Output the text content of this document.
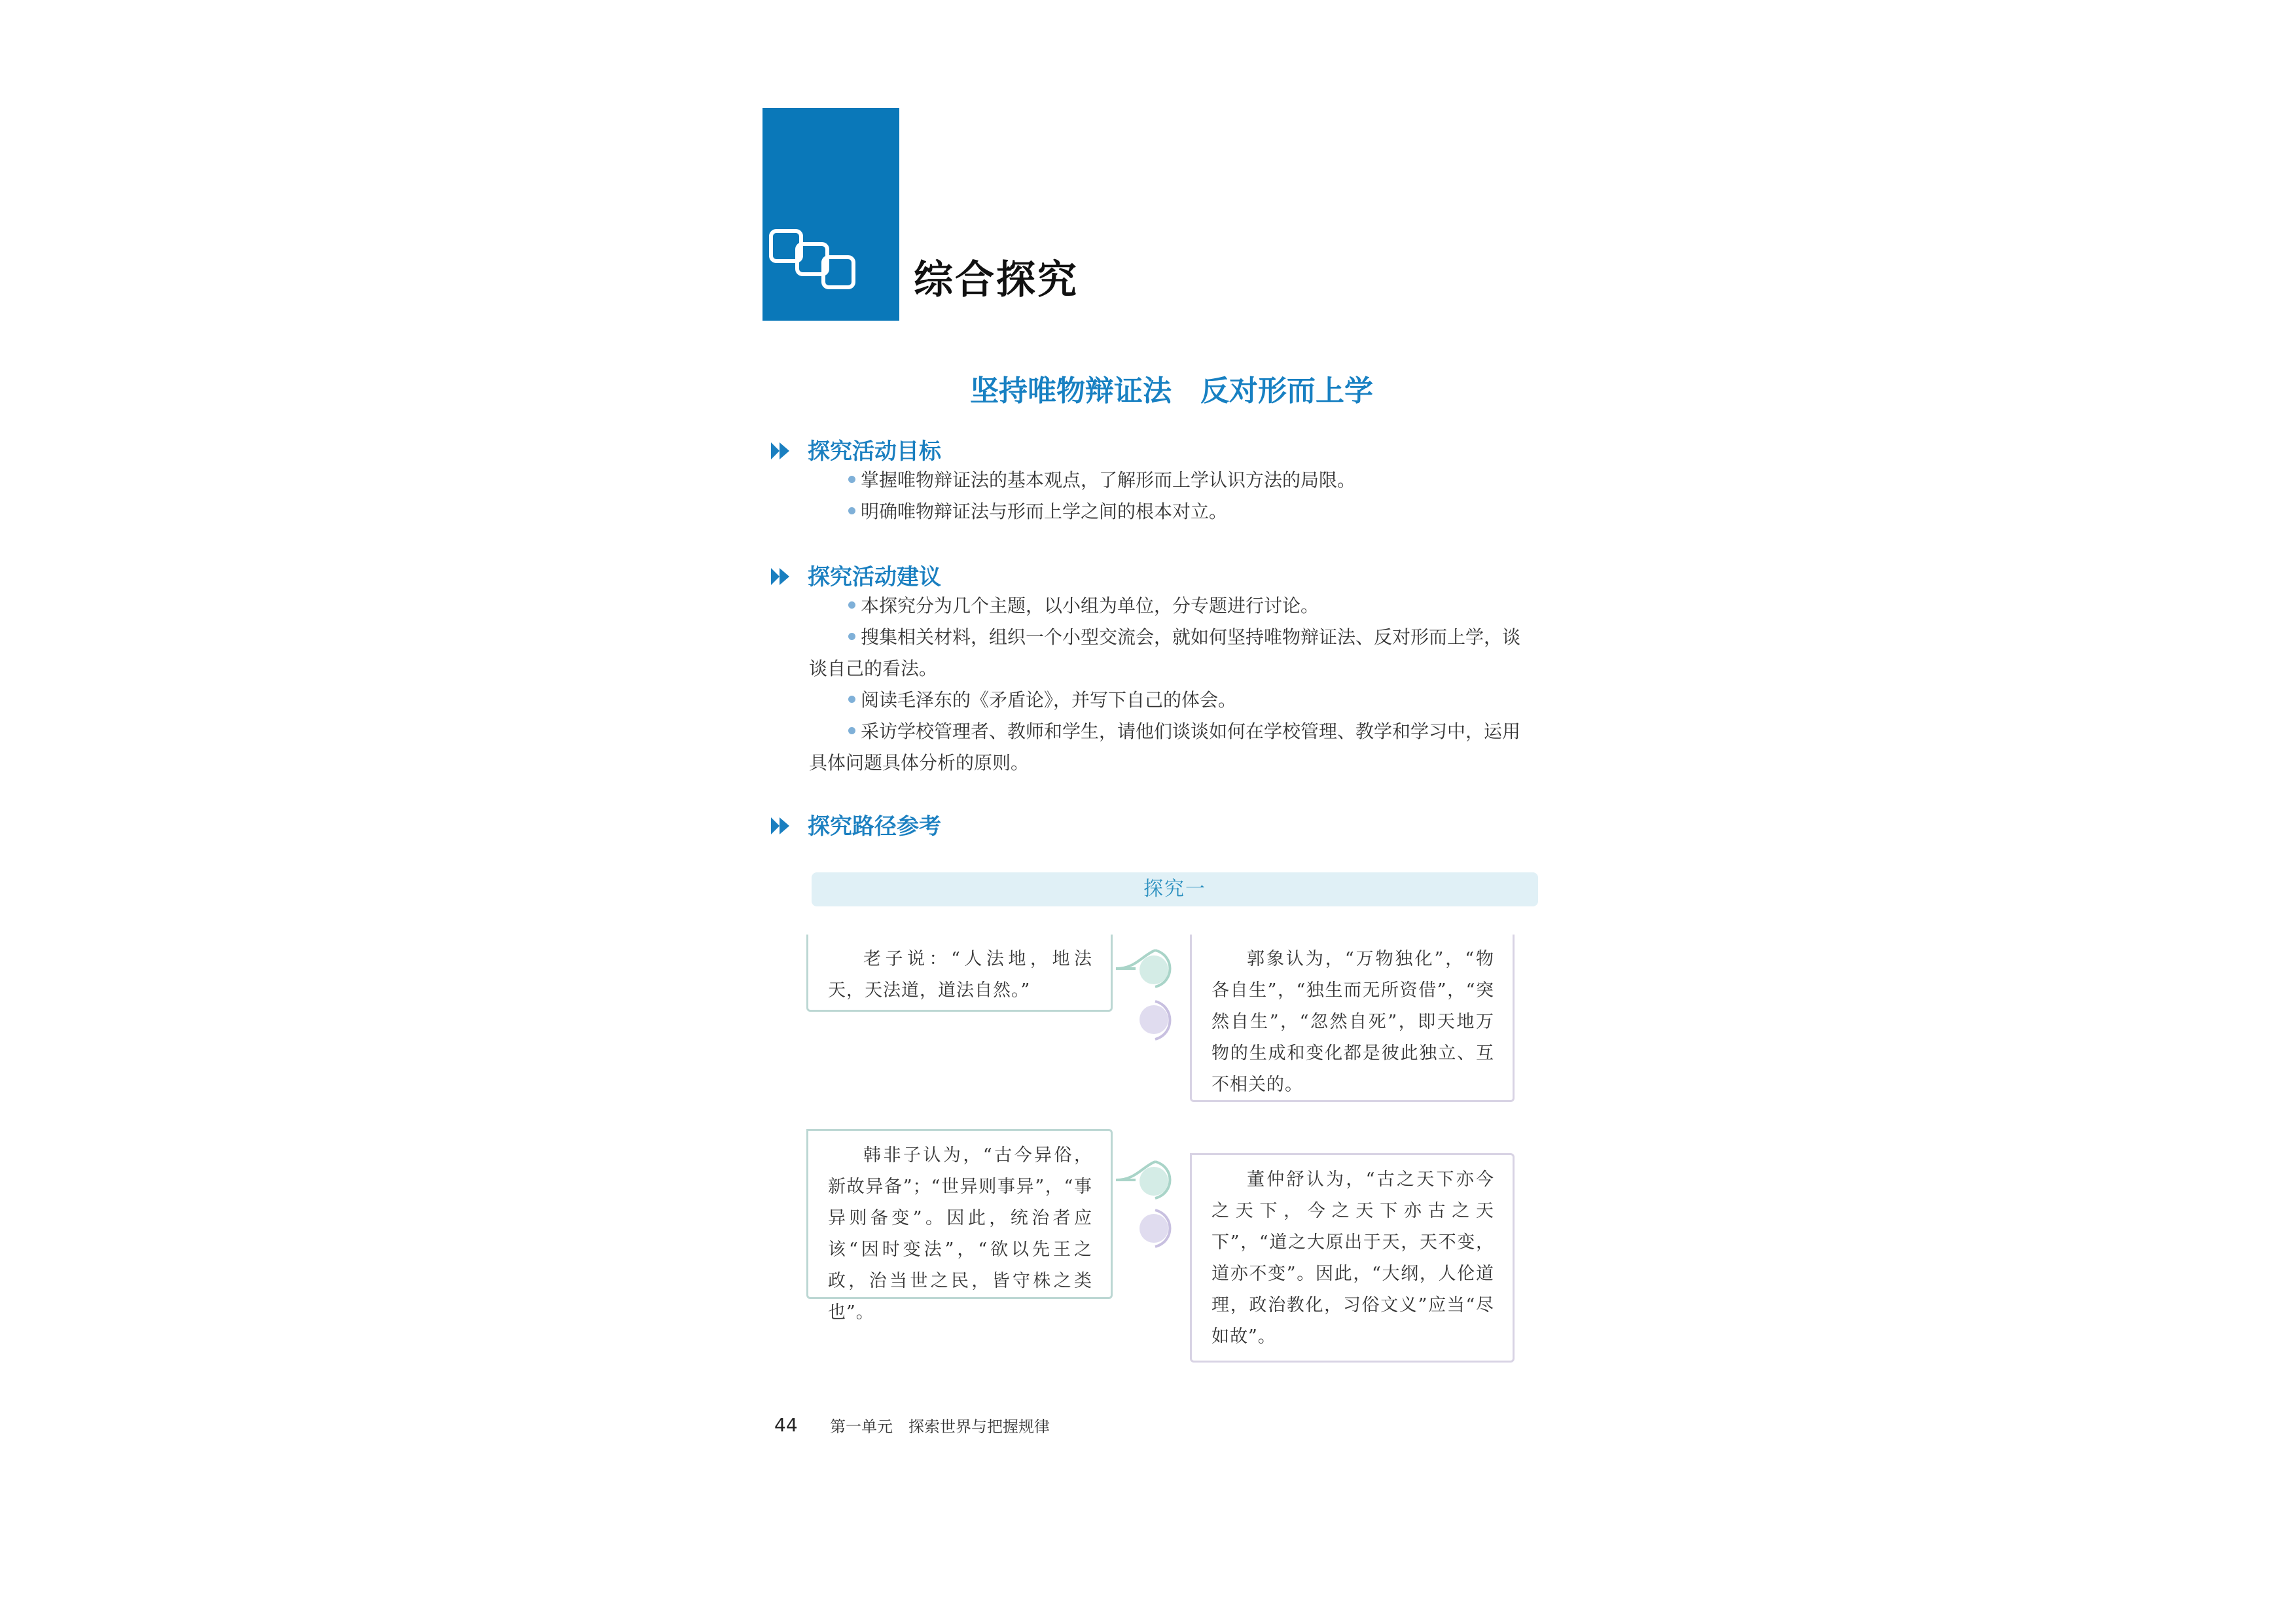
综合探究
坚持唯物辩证法　反对形而上学
探究活动目标
掌握唯物辩证法的基本观点，了解形而上学认识方法的局限。
明确唯物辩证法与形而上学之间的根本对立。
探究活动建议
本探究分为几个主题，以小组为单位，分专题进行讨论。
搜集相关材料，组织一个小型交流会，就如何坚持唯物辩证法、反对形而上学，谈谈自己的看法。
阅读毛泽东的《矛盾论》，并写下自己的体会。
采访学校管理者、教师和学生，请他们谈谈如何在学校管理、教学和学习中，运用具体问题具体分析的原则。
探究路径参考
探究一
老子说：“人法地，地法天，天法道，道法自然。”
郭象认为，“万物独化”，“物各自生”，“独生而无所资借”，“突然自生”，“忽然自死”，即天地万物的生成和变化都是彼此独立、互不相关的。
韩非子认为，“古今异俗，新故异备”；“世异则事异”，“事异则备变”。因此，统治者应该“因时变法”，“欲以先王之政，治当世之民，皆守株之类也”。
董仲舒认为，“古之天下亦今之天下，今之天下亦古之天下”，“道之大原出于天，天不变，道亦不变”。因此，“大纲，人伦道理，政治教化，习俗文义”应当“尽如故”。
44 第一单元　探索世界与把握规律
